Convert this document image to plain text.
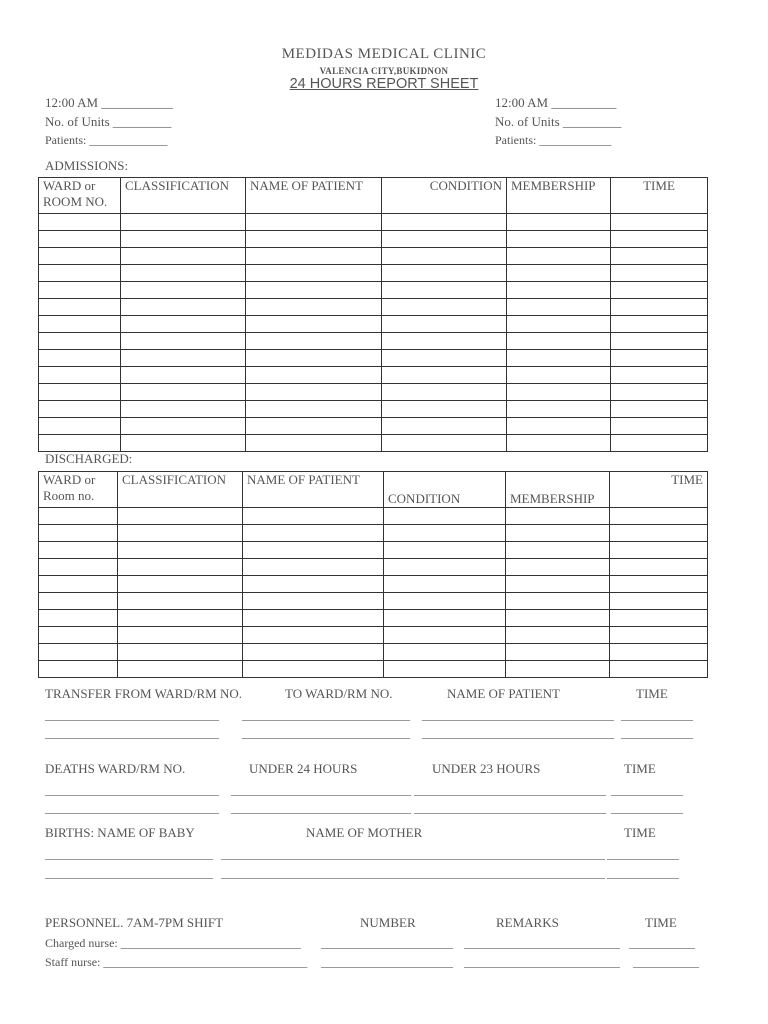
MEDIDAS MEDICAL CLINIC
VALENCIA CITY,BUKIDNON
24 HOURS REPORT SHEET
12:00 AM ___________
No. of Units _________
Patients: _____________
12:00 AM __________
No. of Units _________
Patients: ____________
ADMISSIONS:
WARD or
ROOM NO.	CLASSIFICATION	NAME OF PATIENT	CONDITION	MEMBERSHIP	TIME

DISCHARGED:
WARD or
Room no.	CLASSIFICATION	NAME OF PATIENT	CONDITION	MEMBERSHIP	TIME

TRANSFER FROM WARD/RM NO.	TO WARD/RM NO.	NAME OF PATIENT	TIME
_____________________________ ____________________________ ________________________________ ____________
_____________________________ ____________________________ ________________________________ ____________
DEATHS WARD/RM NO.	UNDER 24 HOURS	UNDER 23 HOURS	TIME
_____________________________ ______________________________ ________________________________ ____________
_____________________________ ______________________________ ________________________________ ____________
BIRTHS: NAME OF BABY	NAME OF MOTHER	TIME
____________________________ ________________________________________________________________ ____________
____________________________ ________________________________________________________________ ____________
PERSONNEL. 7AM-7PM SHIFT	NUMBER	REMARKS	TIME
Charged nurse: ______________________________ ______________________ __________________________ ___________
Staff nurse: __________________________________ ______________________ __________________________ ___________
